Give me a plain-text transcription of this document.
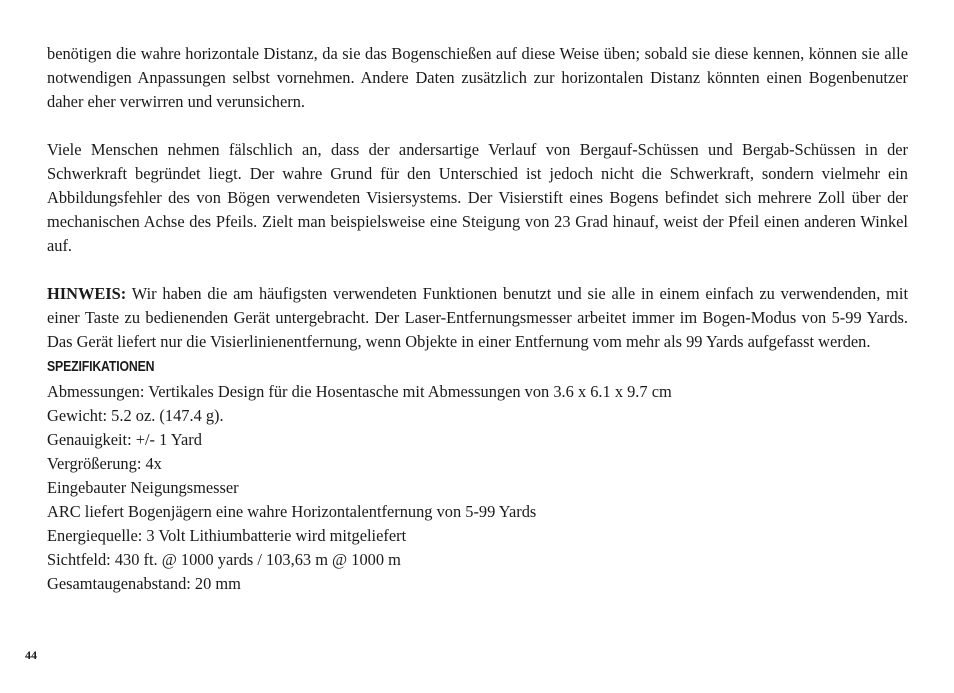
benötigen die wahre horizontale Distanz, da sie das Bogenschießen auf diese Weise üben; sobald sie diese kennen, können sie alle notwendigen Anpassungen selbst vornehmen. Andere Daten zusätzlich zur horizontalen Distanz könnten einen Bogenbenutzer daher eher verwirren und verunsichern.

Viele Menschen nehmen fälschlich an, dass der andersartige Verlauf von Bergauf-Schüssen und Bergab-Schüssen in der Schwerkraft begründet liegt. Der wahre Grund für den Unterschied ist jedoch nicht die Schwerkraft, sondern vielmehr ein Abbildungsfehler des von Bögen verwendeten Visiersystems. Der Visierstift eines Bogens befindet sich mehrere Zoll über der mechanischen Achse des Pfeils. Zielt man beispielsweise eine Steigung von 23 Grad hinauf, weist der Pfeil einen anderen Winkel auf.

HINWEIS: Wir haben die am häufigsten verwendeten Funktionen benutzt und sie alle in einem einfach zu verwendenden, mit einer Taste zu bedienenden Gerät untergebracht. Der Laser-Entfernungsmesser arbeitet immer im Bogen-Modus von 5-99 Yards. Das Gerät liefert nur die Visierlinienentfernung, wenn Objekte in einer Entfernung vom mehr als 99 Yards aufgefasst werden.

SPEZIFIKATIONEN
Abmessungen: Vertikales Design für die Hosentasche mit Abmessungen von 3.6 x 6.1 x 9.7 cm
Gewicht: 5.2 oz. (147.4 g).
Genauigkeit: +/- 1 Yard
Vergrößerung: 4x
Eingebauter Neigungsmesser
ARC liefert Bogenjägern eine wahre Horizontalentfernung von 5-99 Yards
Energiequelle: 3 Volt Lithiumbatterie wird mitgeliefert
Sichtfeld: 430 ft. @ 1000 yards / 103,63 m @ 1000 m
Gesamtaugenabstand: 20 mm
44
